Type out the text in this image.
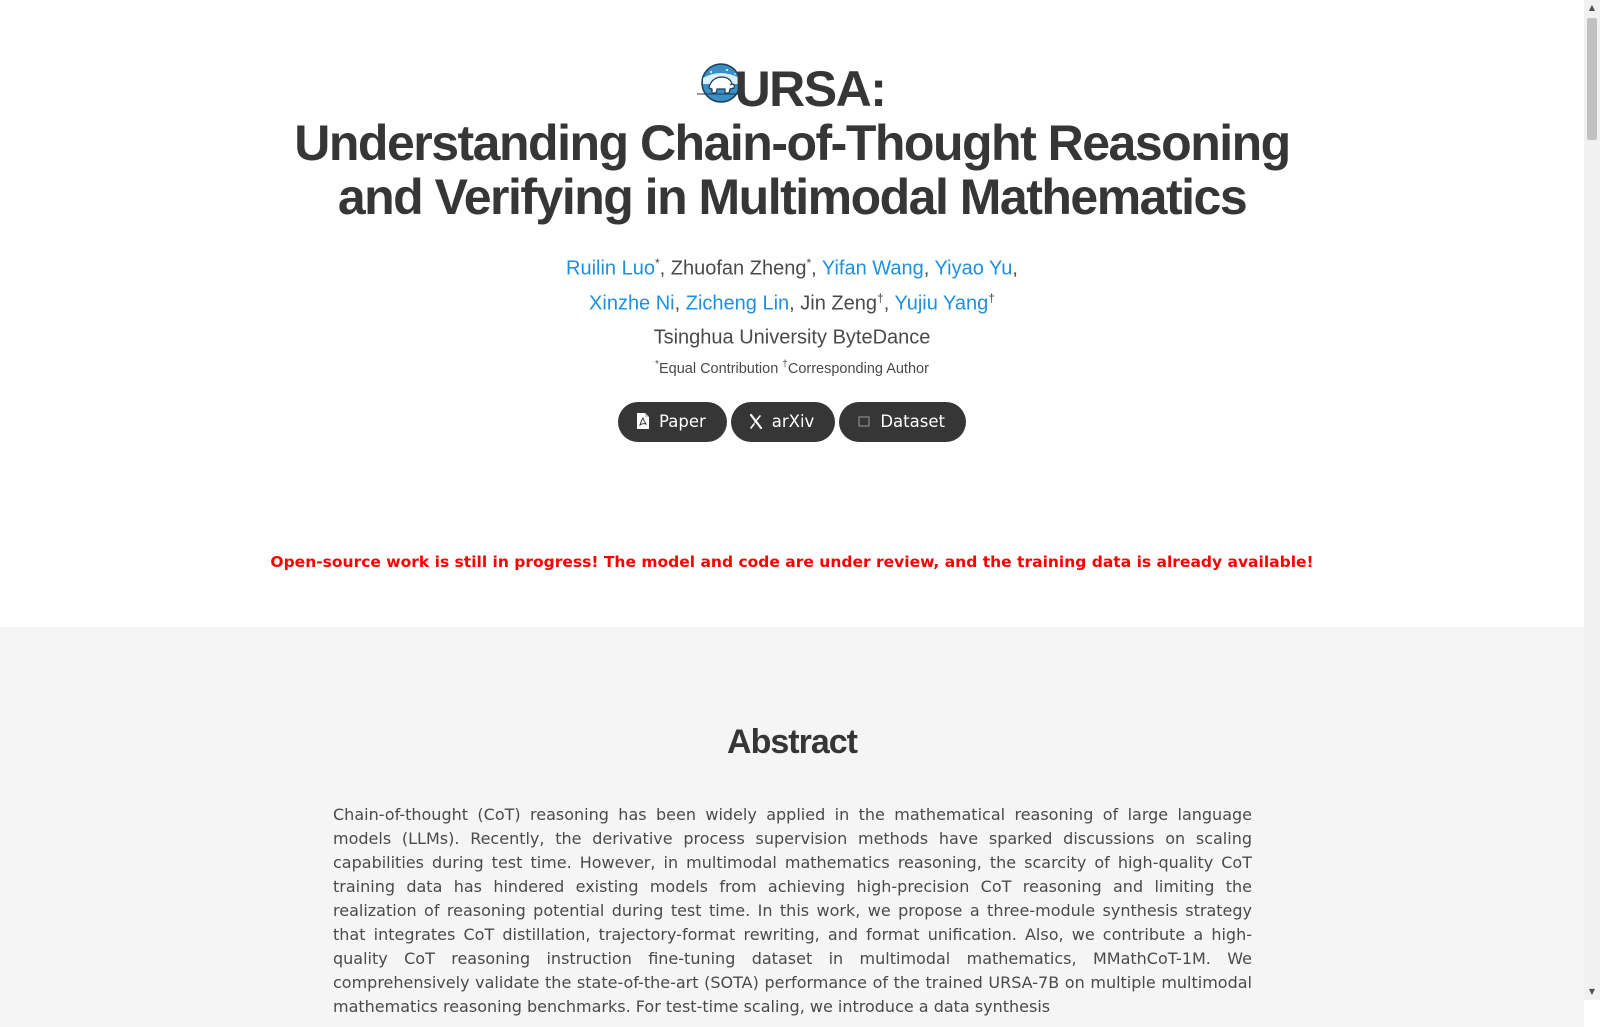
URSA:
Understanding Chain-of-Thought Reasoning
and Verifying in Multimodal Mathematics
Ruilin Luo*, Zhuofan Zheng*, Yifan Wang, Yiyao Yu,
Xinzhe Ni, Zicheng Lin, Jin Zeng†, Yujiu Yang†
Tsinghua University ByteDance
*Equal Contribution †Corresponding Author
Paper	arXiv	Dataset
Open-source work is still in progress! The model and code are under review, and the training data is already available!
Abstract

Chain-of-thought (CoT) reasoning has been widely applied in the mathematical reasoning of large language models (LLMs). Recently, the derivative process supervision methods have sparked discussions on scaling capabilities during test time. However, in multimodal mathematics reasoning, the scarcity of high-quality CoT training data has hindered existing models from achieving high-precision CoT reasoning and limiting the realization of reasoning potential during test time. In this work, we propose a three-module synthesis strategy that integrates CoT distillation, trajectory-format rewriting, and format unification. Also, we contribute a high-quality CoT reasoning instruction fine-tuning dataset in multimodal mathematics, MMathCoT-1M. We comprehensively validate the state-of-the-art (SOTA) performance of the trained URSA-7B on multiple multimodal mathematics reasoning benchmarks. For test-time scaling, we introduce a data synthesis

▲
▼
